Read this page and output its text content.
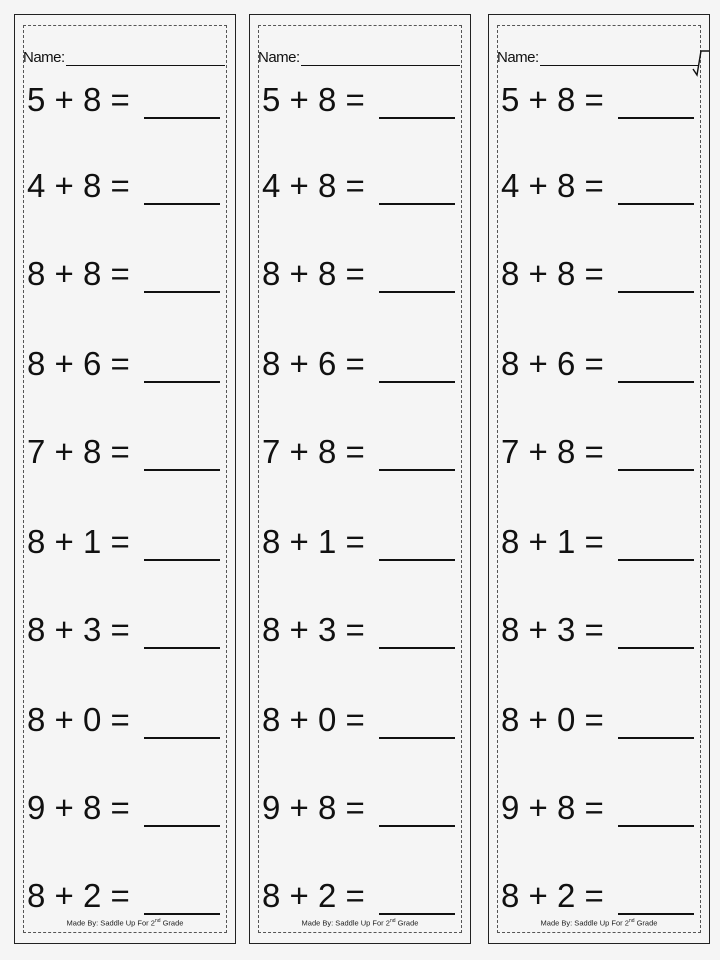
Name:
5 + 8 =
4 + 8 =
8 + 8 =
8 + 6 =
7 + 8 =
8 + 1 =
8 + 3 =
8 + 0 =
9 + 8 =
8 + 2 =
Made By: Saddle Up For 2nd Grade
Name:
5 + 8 =
4 + 8 =
8 + 8 =
8 + 6 =
7 + 8 =
8 + 1 =
8 + 3 =
8 + 0 =
9 + 8 =
8 + 2 =
Made By: Saddle Up For 2nd Grade
Name:
5 + 8 =
4 + 8 =
8 + 8 =
8 + 6 =
7 + 8 =
8 + 1 =
8 + 3 =
8 + 0 =
9 + 8 =
8 + 2 =
Made By: Saddle Up For 2nd Grade
